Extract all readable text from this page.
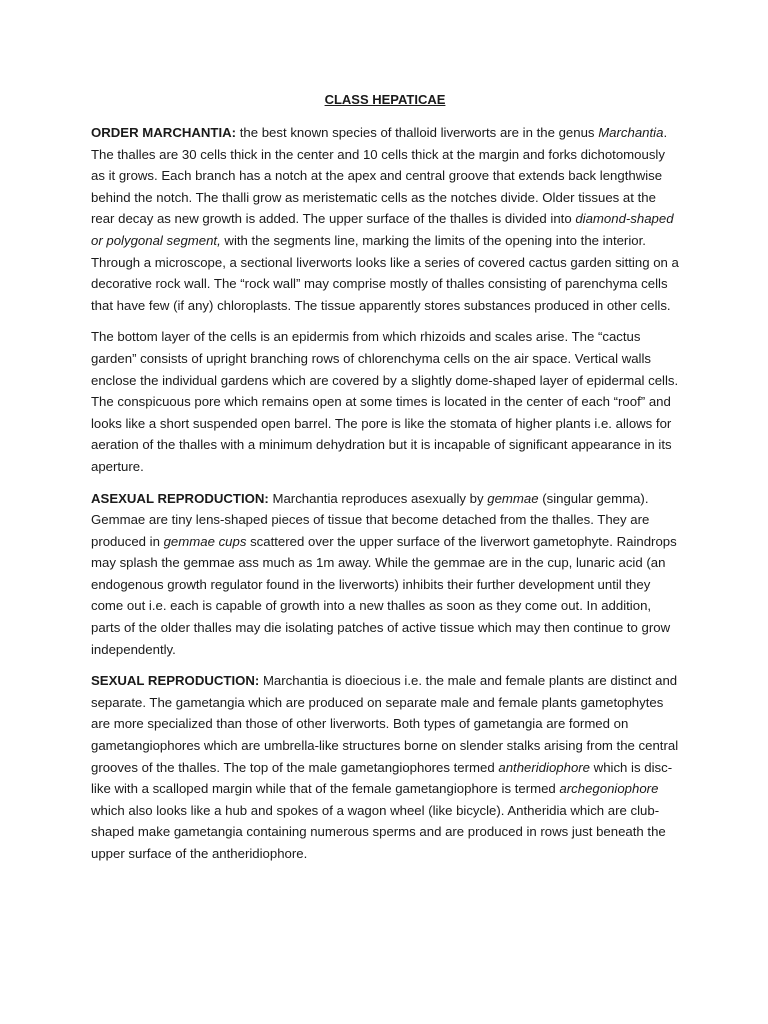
CLASS HEPATICAE

ORDER MARCHANTIA: the best known species of thalloid liverworts are in the genus Marchantia. The thalles are 30 cells thick in the center and 10 cells thick at the margin and forks dichotomously as it grows. Each branch has a notch at the apex and central groove that extends back lengthwise behind the notch. The thalli grow as meristematic cells as the notches divide. Older tissues at the rear decay as new growth is added. The upper surface of the thalles is divided into diamond-shaped or polygonal segment, with the segments line, marking the limits of the opening into the interior. Through a microscope, a sectional liverworts looks like a series of covered cactus garden sitting on a decorative rock wall. The “rock wall” may comprise mostly of thalles consisting of parenchyma cells that have few (if any) chloroplasts. The tissue apparently stores substances produced in other cells.

The bottom layer of the cells is an epidermis from which rhizoids and scales arise. The “cactus garden” consists of upright branching rows of chlorenchyma cells on the air space. Vertical walls enclose the individual gardens which are covered by a slightly dome-shaped layer of epidermal cells. The conspicuous pore which remains open at some times is located in the center of each “roof” and looks like a short suspended open barrel. The pore is like the stomata of higher plants i.e. allows for aeration of the thalles with a minimum dehydration but it is incapable of significant appearance in its aperture.

ASEXUAL REPRODUCTION: Marchantia reproduces asexually by gemmae (singular gemma). Gemmae are tiny lens-shaped pieces of tissue that become detached from the thalles. They are produced in gemmae cups scattered over the upper surface of the liverwort gametophyte. Raindrops may splash the gemmae ass much as 1m away. While the gemmae are in the cup, lunaric acid (an endogenous growth regulator found in the liverworts) inhibits their further development until they come out i.e. each is capable of growth into a new thalles as soon as they come out. In addition, parts of the older thalles may die isolating patches of active tissue which may then continue to grow independently.

SEXUAL REPRODUCTION: Marchantia is dioecious i.e. the male and female plants are distinct and separate. The gametangia which are produced on separate male and female plants gametophytes are more specialized than those of other liverworts. Both types of gametangia are formed on gametangiophores which are umbrella-like structures borne on slender stalks arising from the central grooves of the thalles. The top of the male gametangiophores termed antheridiophore which is disc-like with a scalloped margin while that of the female gametangiophore is termed archegoniophore which also looks like a hub and spokes of a wagon wheel (like bicycle). Antheridia which are club-shaped make gametangia containing numerous sperms and are produced in rows just beneath the upper surface of the antheridiophore.
